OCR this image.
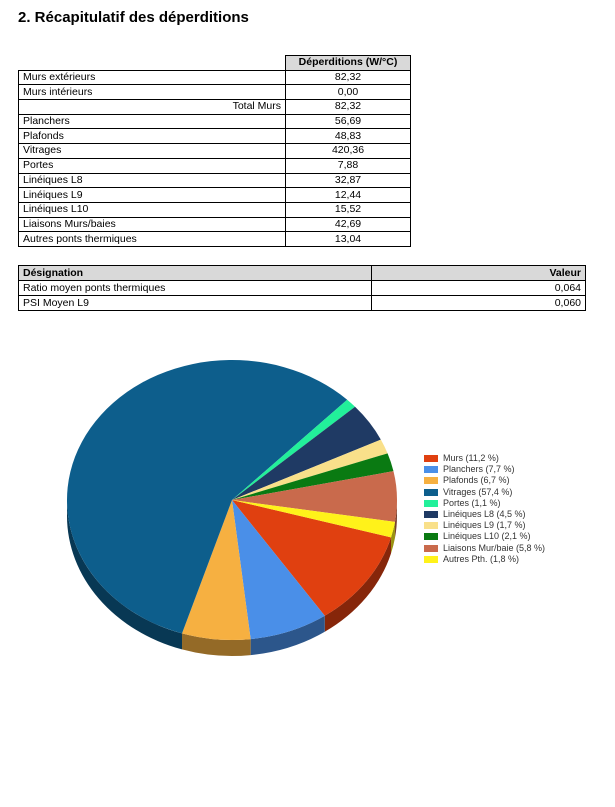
2. Récapitulatif des déperditions
	Déperditions (W/°C)
Murs extérieurs	82,32
Murs intérieurs	0,00
Total Murs	82,32
Planchers	56,69
Plafonds	48,83
Vitrages	420,36
Portes	7,88
Linéiques L8	32,87
Linéiques L9	12,44
Linéiques L10	15,52
Liaisons Murs/baies	42,69
Autres ponts thermiques	13,04
Désignation	Valeur
Ratio moyen ponts thermiques	0,064
PSI Moyen L9	0,060
Murs (11,2 %)
Planchers (7,7 %)
Plafonds (6,7 %)
Vitrages (57,4 %)
Portes (1,1 %)
Linéiques L8 (4,5 %)
Linéiques L9 (1,7 %)
Linéiques L10 (2,1 %)
Liaisons Mur/baie (5,8 %)
Autres Pth. (1,8 %)
